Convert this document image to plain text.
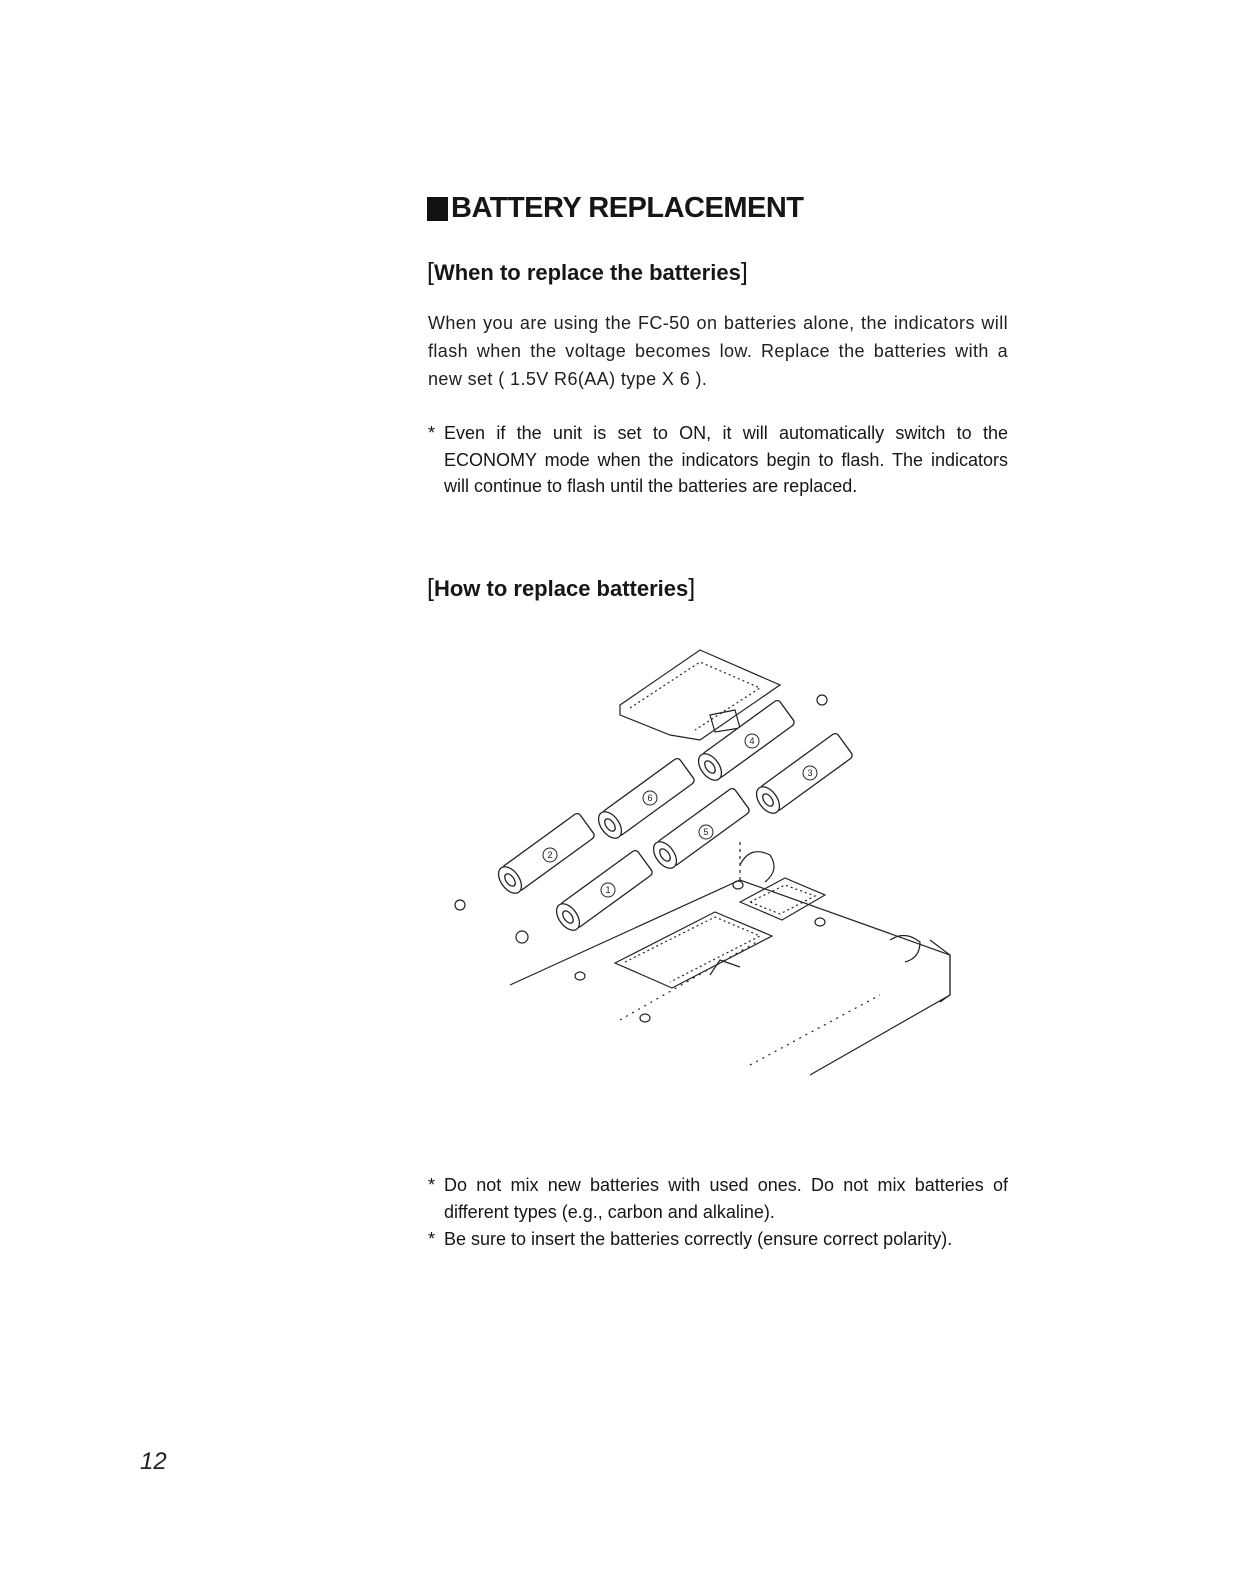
BATTERY REPLACEMENT
[When to replace the batteries]

When you are using the FC-50 on batteries alone, the indicators will flash when the voltage becomes low. Replace the batteries with a new set ( 1.5V R6(AA) type X 6 ).

* Even if the unit is set to ON, it will automatically switch to the ECONOMY mode when the indicators begin to flash. The indicators will continue to flash until the batteries are replaced.
[How to replace batteries]
2
1
6
5
4
3
* Do not mix new batteries with used ones. Do not mix batteries of different types (e.g., carbon and alkaline).
* Be sure to insert the batteries correctly (ensure correct polarity).
12
